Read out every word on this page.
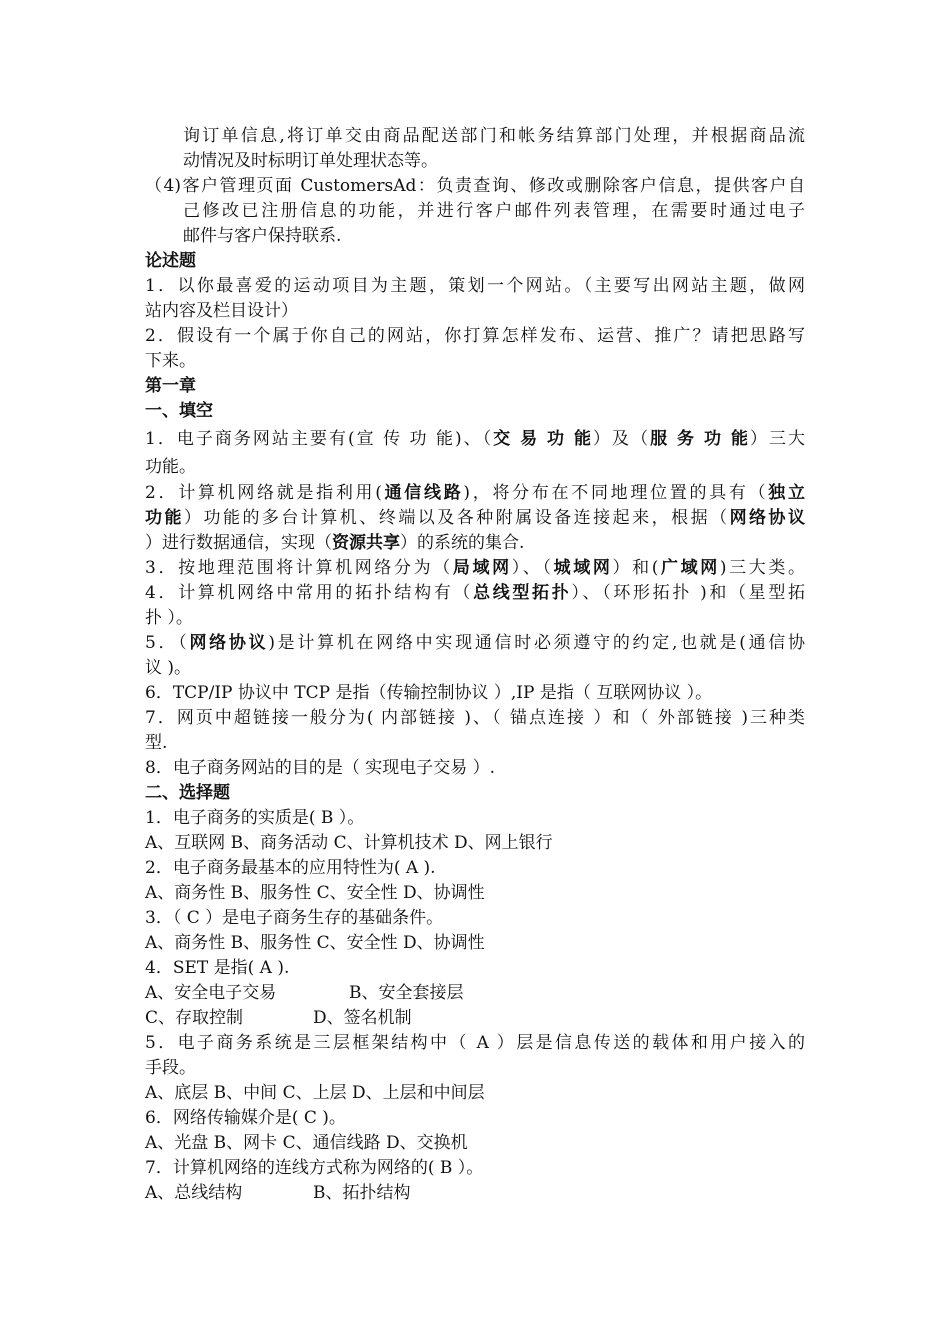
询订单信息,将订单交由商品配送部门和帐务结算部门处理，并根据商品流
动情况及时标明订单处理状态等。
（4)客户管理页面 CustomersAd：负责查询、修改或删除客户信息，提供客户自
己修改已注册信息的功能，并进行客户邮件列表管理，在需要时通过电子
邮件与客户保持联系.
论述题
1．以你最喜爱的运动项目为主题，策划一个网站。（主要写出网站主题，做网
站内容及栏目设计）
2．假设有一个属于你自己的网站，你打算怎样发布、运营、推广？请把思路写
下来。
第一章
一、填空
1．电子商务网站主要有(宣 传 功 能)、（交 易 功 能）及（服 务 功 能）三大
功能。
2．计算机网络就是指利用(通信线路)，将分布在不同地理位置的具有（独立
功能）功能的多台计算机、终端以及各种附属设备连接起来，根据（网络协议
）进行数据通信，实现（资源共享）的系统的集合.
3．按地理范围将计算机网络分为（局域网）、（城域网）和(广域网)三大类。
4．计算机网络中常用的拓扑结构有（总线型拓扑）、（环形拓扑 )和（星型拓
扑 ）。
5．（网络协议)是计算机在网络中实现通信时必须遵守的约定,也就是(通信协
议 )。
6．TCP/IP 协议中 TCP 是指（传输控制协议 ）,IP 是指（ 互联网协议 ）。
7．网页中超链接一般分为( 内部链接 )、（ 锚点连接 ）和（ 外部链接 )三种类
型.
8．电子商务网站的目的是（ 实现电子交易 ）.
二、选择题
1．电子商务的实质是( B ）。
A、互联网 B、商务活动 C、计算机技术 D、网上银行
2．电子商务最基本的应用特性为( A ).
A、商务性 B、服务性 C、安全性 D、协调性
3．（ C ）是电子商务生存的基础条件。
A、商务性 B、服务性 C、安全性 D、协调性
4．SET 是指( A ).
A、安全电子交易	B、安全套接层
C、存取控制	D、签名机制
5．电子商务系统是三层框架结构中（ A ）层是信息传送的载体和用户接入的
手段。
A、底层 B、中间 C、上层 D、上层和中间层
6．网络传输媒介是( C )。
A、光盘 B、网卡 C、通信线路 D、交换机
7．计算机网络的连线方式称为网络的( B ）。
A、总线结构	B、拓扑结构
